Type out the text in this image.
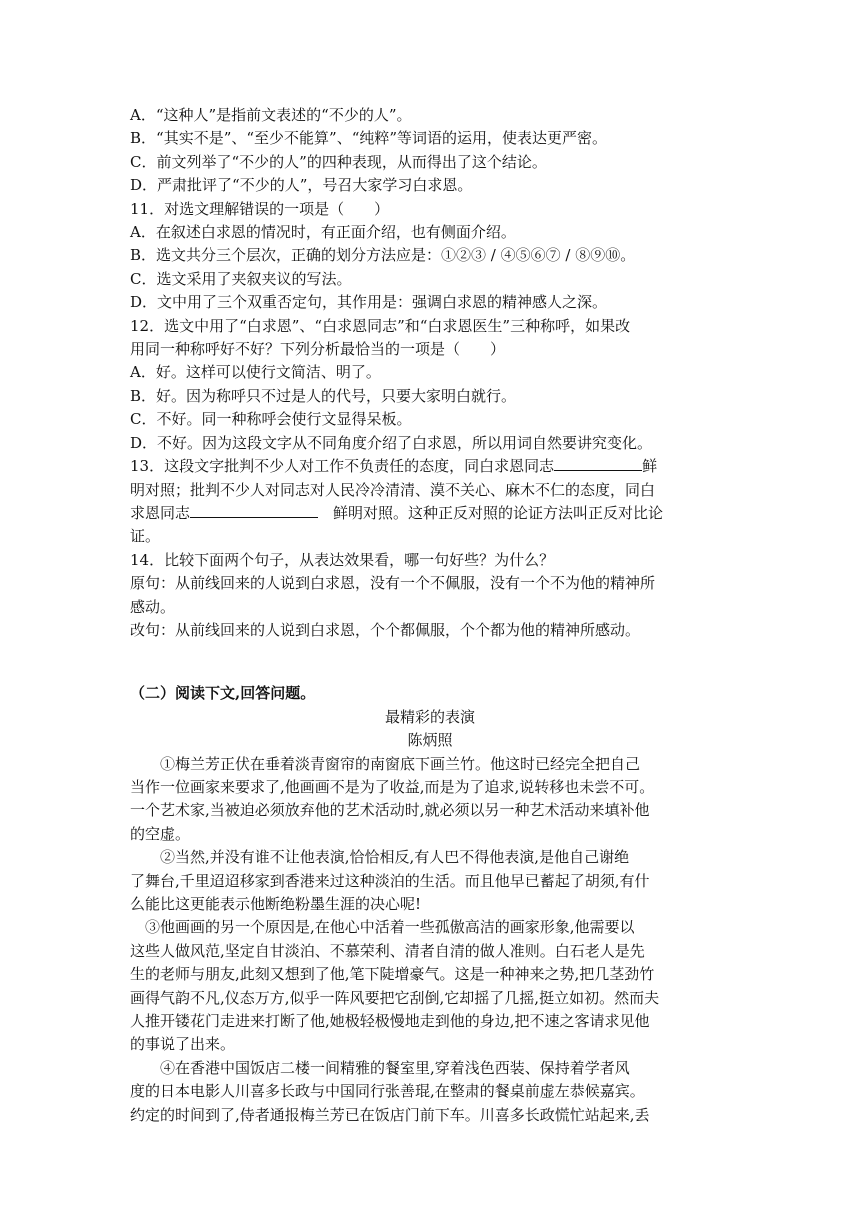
A．“这种人”是指前文表述的“不少的人”。
B．“其实不是”、“至少不能算”、“纯粹”等词语的运用，使表达更严密。
C．前文列举了“不少的人”的四种表现，从而得出了这个结论。
D．严肃批评了“不少的人”，号召大家学习白求恩。
11．对选文理解错误的一项是（　　）
A．在叙述白求恩的情况时，有正面介绍，也有侧面介绍。
B．选文共分三个层次，正确的划分方法应是：①②③ / ④⑤⑥⑦ / ⑧⑨⑩。
C．选文采用了夹叙夹议的写法。
D．文中用了三个双重否定句，其作用是：强调白求恩的精神感人之深。
12．选文中用了“白求恩”、“白求恩同志”和“白求恩医生”三种称呼，如果改
用同一种称呼好不好？下列分析最恰当的一项是（　　）
A．好。这样可以使行文简洁、明了。
B．好。因为称呼只不过是人的代号，只要大家明白就行。
C．不好。同一种称呼会使行文显得呆板。
D．不好。因为这段文字从不同角度介绍了白求恩，所以用词自然要讲究变化。
13．这段文字批判不少人对工作不负责任的态度，同白求恩同志	鲜
明对照；批判不少人对同志对人民冷冷清清、漠不关心、麻木不仁的态度，同白
求恩同志	　鲜明对照。这种正反对照的论证方法叫正反对比论
证。
14．比较下面两个句子，从表达效果看，哪一句好些？为什么？
原句：从前线回来的人说到白求恩，没有一个不佩服，没有一个不为他的精神所
感动。
改句：从前线回来的人说到白求恩，个个都佩服，个个都为他的精神所感动。
（二）阅读下文,回答问题。
最精彩的表演
陈炳照
①梅兰芳正伏在垂着淡青窗帘的南窗底下画兰竹。他这时已经完全把自己
当作一位画家来要求了,他画画不是为了收益,而是为了追求,说转移也未尝不可。
一个艺术家,当被迫必须放弃他的艺术活动时,就必须以另一种艺术活动来填补他
的空虚。
②当然,并没有谁不让他表演,恰恰相反,有人巴不得他表演,是他自己谢绝
了舞台,千里迢迢移家到香港来过这种淡泊的生活。而且他早已蓄起了胡须,有什
么能比这更能表示他断绝粉墨生涯的决心呢!
③他画画的另一个原因是,在他心中活着一些孤傲高洁的画家形象,他需要以
这些人做风范,坚定自甘淡泊、不慕荣利、清者自清的做人准则。白石老人是先
生的老师与朋友,此刻又想到了他,笔下陡增豪气。这是一种神来之势,把几茎劲竹
画得气韵不凡,仪态万方,似乎一阵风要把它刮倒,它却摇了几摇,挺立如初。然而夫
人推开镂花门走进来打断了他,她极轻极慢地走到他的身边,把不速之客请求见他
的事说了出来。
④在香港中国饭店二楼一间精雅的餐室里,穿着浅色西装、保持着学者风
度的日本电影人川喜多长政与中国同行张善琨,在整肃的餐桌前虚左恭候嘉宾。
约定的时间到了,侍者通报梅兰芳已在饭店门前下车。川喜多长政慌忙站起来,丢
